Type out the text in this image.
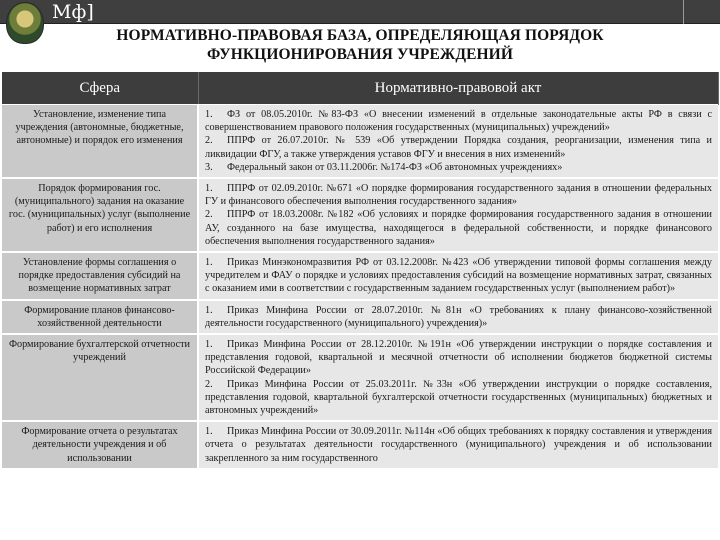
Мф]
НОРМАТИВНО-ПРАВОВАЯ БАЗА, ОПРЕДЕЛЯЮЩАЯ ПОРЯДОК
ФУНКЦИОНИРОВАНИЯ УЧРЕЖДЕНИЙ
Сфера	Нормативно-правовой акт
Установление, изменение типа учреждения (автономные, бюджетные, автономные) и порядок его изменения	1. ФЗ от 08.05.2010г. №83-ФЗ «О внесении изменений в отдельные законодательные акты РФ в связи с совершенствованием правового положения государственных (муниципальных) учреждений»
2. ППРФ от 26.07.2010г. № 539 «Об утверждении Порядка создания, реорганизации, изменения типа и ликвидации ФГУ, а также утверждения уставов ФГУ и внесения в них изменений»
3. Федеральный закон от 03.11.2006г. №174-ФЗ «Об автономных учреждениях»

Порядок формирования гос. (муниципального) задания на оказание гос. (муниципальных) услуг (выполнение работ) и его исполнения	1. ППРФ от 02.09.2010г. №671 «О порядке формирования государственного задания в отношении федеральных ГУ и финансового обеспечения выполнения государственного задания»
2. ППРФ от 18.03.2008г. №182 «Об условиях и порядке формирования государственного задания в отношении АУ, созданного на базе имущества, находящегося в федеральной собственности, и порядке финансового обеспечения выполнения государственного задания»

Установление формы соглашения о порядке предоставления субсидий на возмещение нормативных затрат	1. Приказ Минэкономразвития РФ от 03.12.2008г. №423 «Об утверждении типовой формы соглашения между учредителем и ФАУ о порядке и условиях предоставления субсидий на возмещение нормативных затрат, связанных с оказанием ими в соответствии с государственным заданием государственных услуг (выполнением работ)»

Формирование планов финансово-хозяйственной деятельности	1. Приказ Минфина России от 28.07.2010г. №81н «О требованиях к плану финансово-хозяйственной деятельности государственного (муниципального) учреждения)»

Формирование бухгалтерской отчетности учреждений	1. Приказ Минфина России от 28.12.2010г. №191н «Об утверждении инструкции о порядке составления и представления годовой, квартальной и месячной отчетности об исполнении бюджетов бюджетной системы Российской Федерации»
2. Приказ Минфина России от 25.03.2011г. №33н «Об утверждении инструкции о порядке составления, представления годовой, квартальной бухгалтерской отчетности государственных (муниципальных) бюджетных и автономных учреждений»

Формирование отчета о результатах деятельности учреждения и об использовании	1. Приказ Минфина России от 30.09.2011г. №114н «Об общих требованиях к порядку составления и утверждения отчета о результатах деятельности государственного (муниципального) учреждения и об использовании закрепленного за ним государственного
